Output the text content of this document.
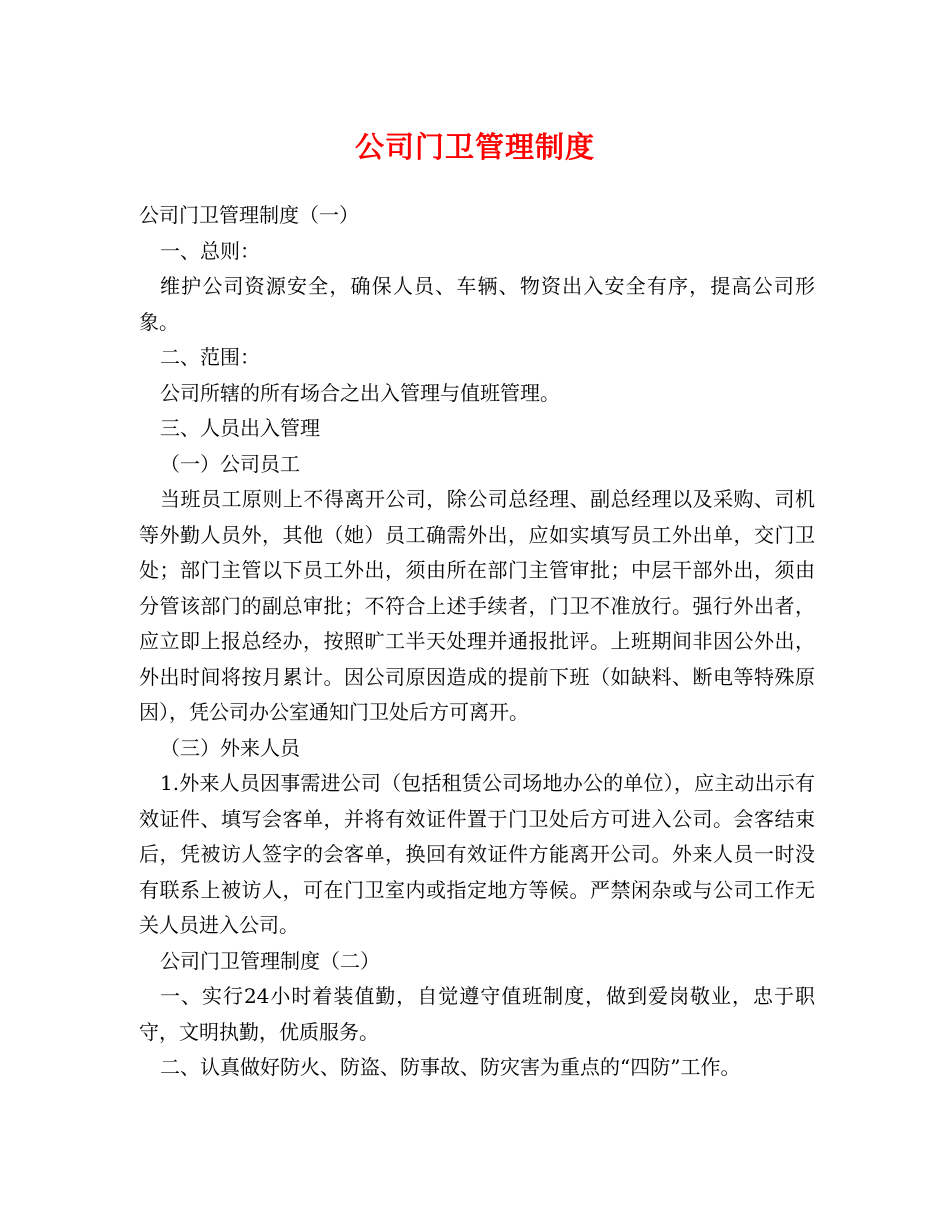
公司门卫管理制度

公司门卫管理制度（一）

一、总则：

维护公司资源安全，确保人员、车辆、物资出入安全有序，提高公司形象。

二、范围：

公司所辖的所有场合之出入管理与值班管理。

三、人员出入管理

（一）公司员工

当班员工原则上不得离开公司，除公司总经理、副总经理以及采购、司机等外勤人员外，其他（她）员工确需外出，应如实填写员工外出单，交门卫处；部门主管以下员工外出，须由所在部门主管审批；中层干部外出，须由分管该部门的副总审批；不符合上述手续者，门卫不准放行。强行外出者，应立即上报总经办，按照旷工半天处理并通报批评。上班期间非因公外出，外出时间将按月累计。因公司原因造成的提前下班（如缺料、断电等特殊原因），凭公司办公室通知门卫处后方可离开。

（三）外来人员

1.外来人员因事需进公司（包括租赁公司场地办公的单位），应主动出示有效证件、填写会客单，并将有效证件置于门卫处后方可进入公司。会客结束后，凭被访人签字的会客单，换回有效证件方能离开公司。外来人员一时没有联系上被访人，可在门卫室内或指定地方等候。严禁闲杂或与公司工作无关人员进入公司。

公司门卫管理制度（二）

一、实行24小时着装值勤，自觉遵守值班制度，做到爱岗敬业，忠于职守，文明执勤，优质服务。

二、认真做好防火、防盗、防事故、防灾害为重点的“四防”工作。
